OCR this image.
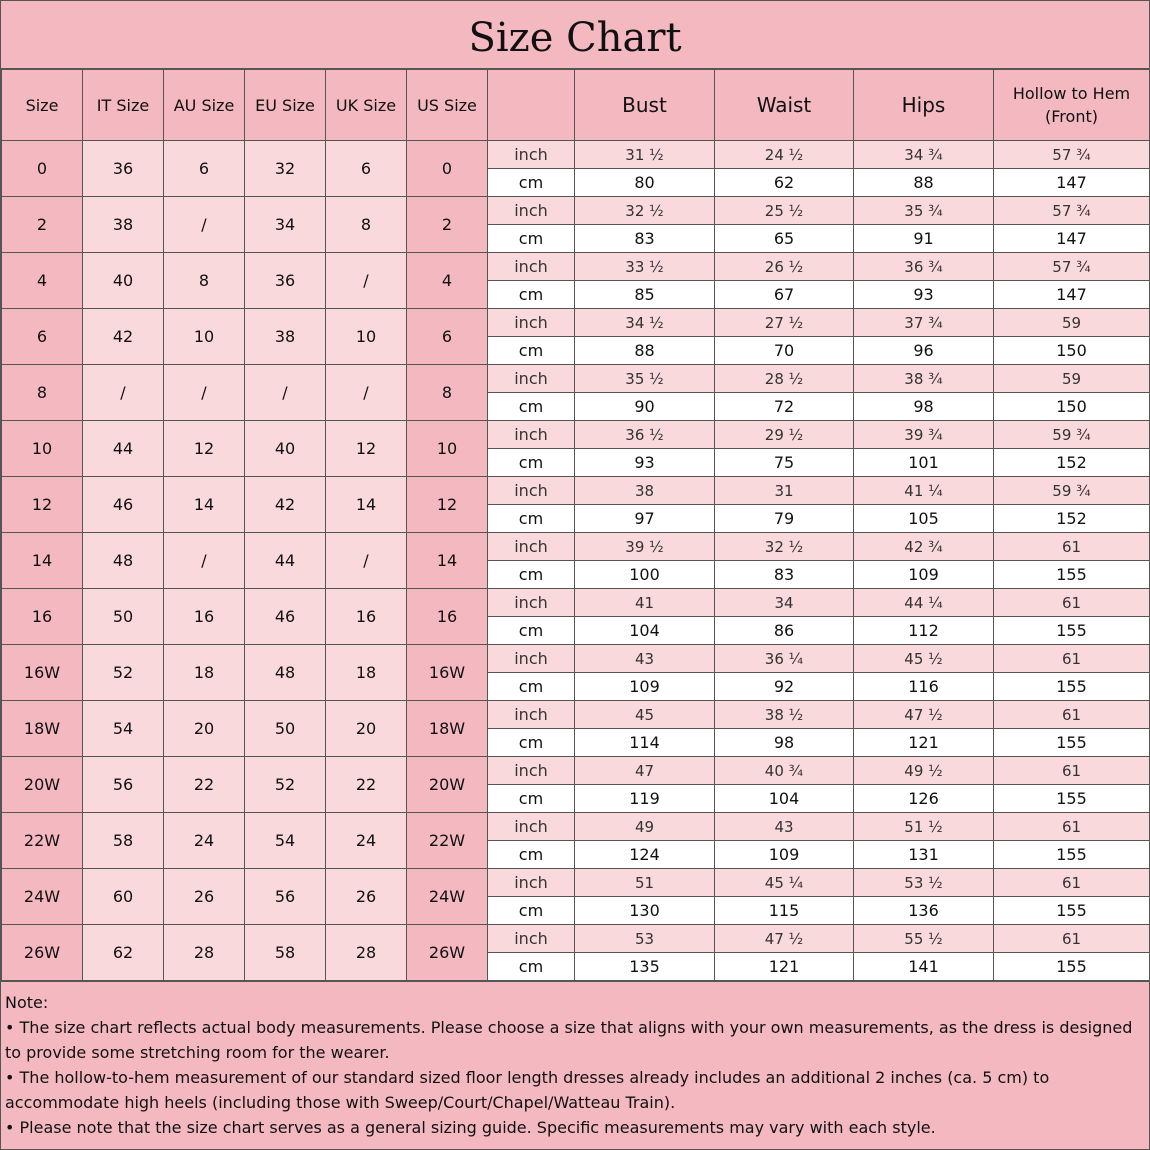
Size Chart
Size	IT Size	AU Size	EU Size	UK Size	US Size		Bust	Waist	Hips	Hollow to Hem (Front)
0	36	6	32	6	0	inch	31 ½	24 ½	34 ¾	57 ¾
						cm	80	62	88	147
2	38	/	34	8	2	inch	32 ½	25 ½	35 ¾	57 ¾
						cm	83	65	91	147
4	40	8	36	/	4	inch	33 ½	26 ½	36 ¾	57 ¾
						cm	85	67	93	147
6	42	10	38	10	6	inch	34 ½	27 ½	37 ¾	59
						cm	88	70	96	150
8	/	/	/	/	8	inch	35 ½	28 ½	38 ¾	59
						cm	90	72	98	150
10	44	12	40	12	10	inch	36 ½	29 ½	39 ¾	59 ¾
						cm	93	75	101	152
12	46	14	42	14	12	inch	38	31	41 ¼	59 ¾
						cm	97	79	105	152
14	48	/	44	/	14	inch	39 ½	32 ½	42 ¾	61
						cm	100	83	109	155
16	50	16	46	16	16	inch	41	34	44 ¼	61
						cm	104	86	112	155
16W	52	18	48	18	16W	inch	43	36 ¼	45 ½	61
						cm	109	92	116	155
18W	54	20	50	20	18W	inch	45	38 ½	47 ½	61
						cm	114	98	121	155
20W	56	22	52	22	20W	inch	47	40 ¾	49 ½	61
						cm	119	104	126	155
22W	58	24	54	24	22W	inch	49	43	51 ½	61
						cm	124	109	131	155
24W	60	26	56	26	24W	inch	51	45 ¼	53 ½	61
						cm	130	115	136	155
26W	62	28	58	28	26W	inch	53	47 ½	55 ½	61
						cm	135	121	141	155

Note:

• The size chart reflects actual body measurements. Please choose a size that aligns with your own measurements, as the dress is designed to provide some stretching room for the wearer.

• The hollow-to-hem measurement of our standard sized floor length dresses already includes an additional 2 inches (ca. 5 cm) to accommodate high heels (including those with Sweep/Court/Chapel/Watteau Train).

• Please note that the size chart serves as a general sizing guide. Specific measurements may vary with each style.
